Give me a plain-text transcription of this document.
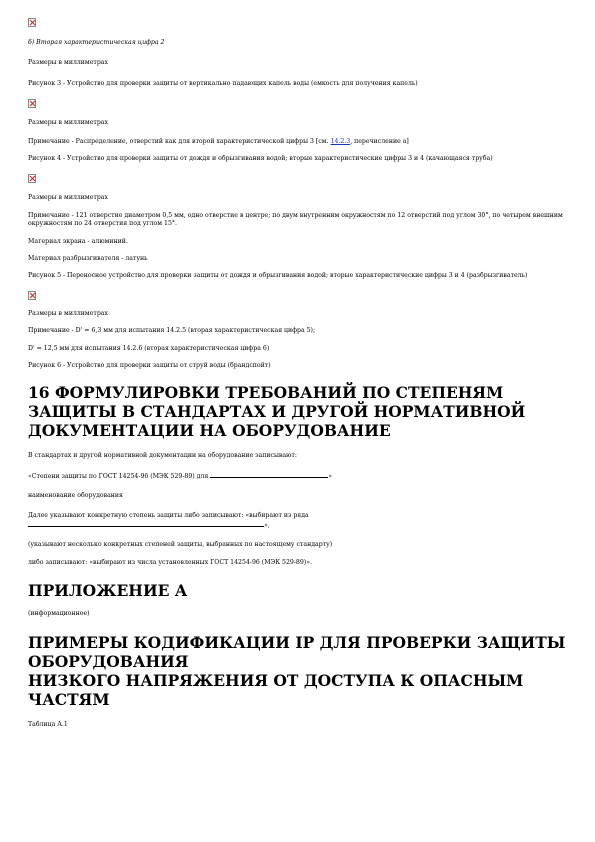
б) Вторая характеристическая цифра 2
Размеры в миллиметрах
Рисунок 3 - Устройство для проверки защиты от вертикально падающих капель воды (емкость для получения капель)
Размеры в миллиметрах
Примечание - Распределение, отверстий как для второй характеристической цифры 3 [см. 14.2.3, перечисление а]
Рисунок 4 - Устройство для проверки защиты от дождя и обрызгивания водой; вторые характеристические цифры 3 и 4 (качающаяся труба)
Размеры в миллиметрах
Примечание - 121 отверстие диаметром 0,5 мм, одно отверстие в центре; по двум внутренним окружностям по 12 отверстий под углом 30°, по четырем внешним окружностям по 24 отверстия под углом 15°.
Материал экрана - алюминий.
Материал разбрызгивателя - латунь
Рисунок 5 - Переносное устройство для проверки защиты от дождя и обрызгивания водой; вторые характеристические цифры 3 и 4 (разбрызгиватель)
Размеры в миллиметрах
Примечание - D' = 6,3 мм для испытания 14.2.5 (вторая характеристическая цифра 5);
D' = 12,5 мм для испытания 14.2.6 (вторая характеристическая цифра 6)
Рисунок 6 - Устройство для проверки защиты от струй воды (брандспойт)
16 ФОРМУЛИРОВКИ ТРЕБОВАНИЙ ПО СТЕПЕНЯМ ЗАЩИТЫ В СТАНДАРТАХ И ДРУГОЙ НОРМАТИВНОЙ ДОКУМЕНТАЦИИ НА ОБОРУДОВАНИЕ
В стандартах и другой нормативной документации на оборудование записывают:
«Степени защиты по ГОСТ 14254-96 (МЭК 529-89) для	»
наименование оборудования
Далее указывают конкретную степень защиты либо записывают: «выбирают из ряда
»,
(указывают несколько конкретных степеней защиты, выбранных по настоящему стандарту)
либо записывают: «выбирают из числа установленных ГОСТ 14254-96 (МЭК 529-89)».
ПРИЛОЖЕНИЕ А
(информационное)
ПРИМЕРЫ КОДИФИКАЦИИ IP ДЛЯ ПРОВЕРКИ ЗАЩИТЫ ОБОРУДОВАНИЯ
НИЗКОГО НАПРЯЖЕНИЯ ОТ ДОСТУПА К ОПАСНЫМ ЧАСТЯМ
Таблица А.1
